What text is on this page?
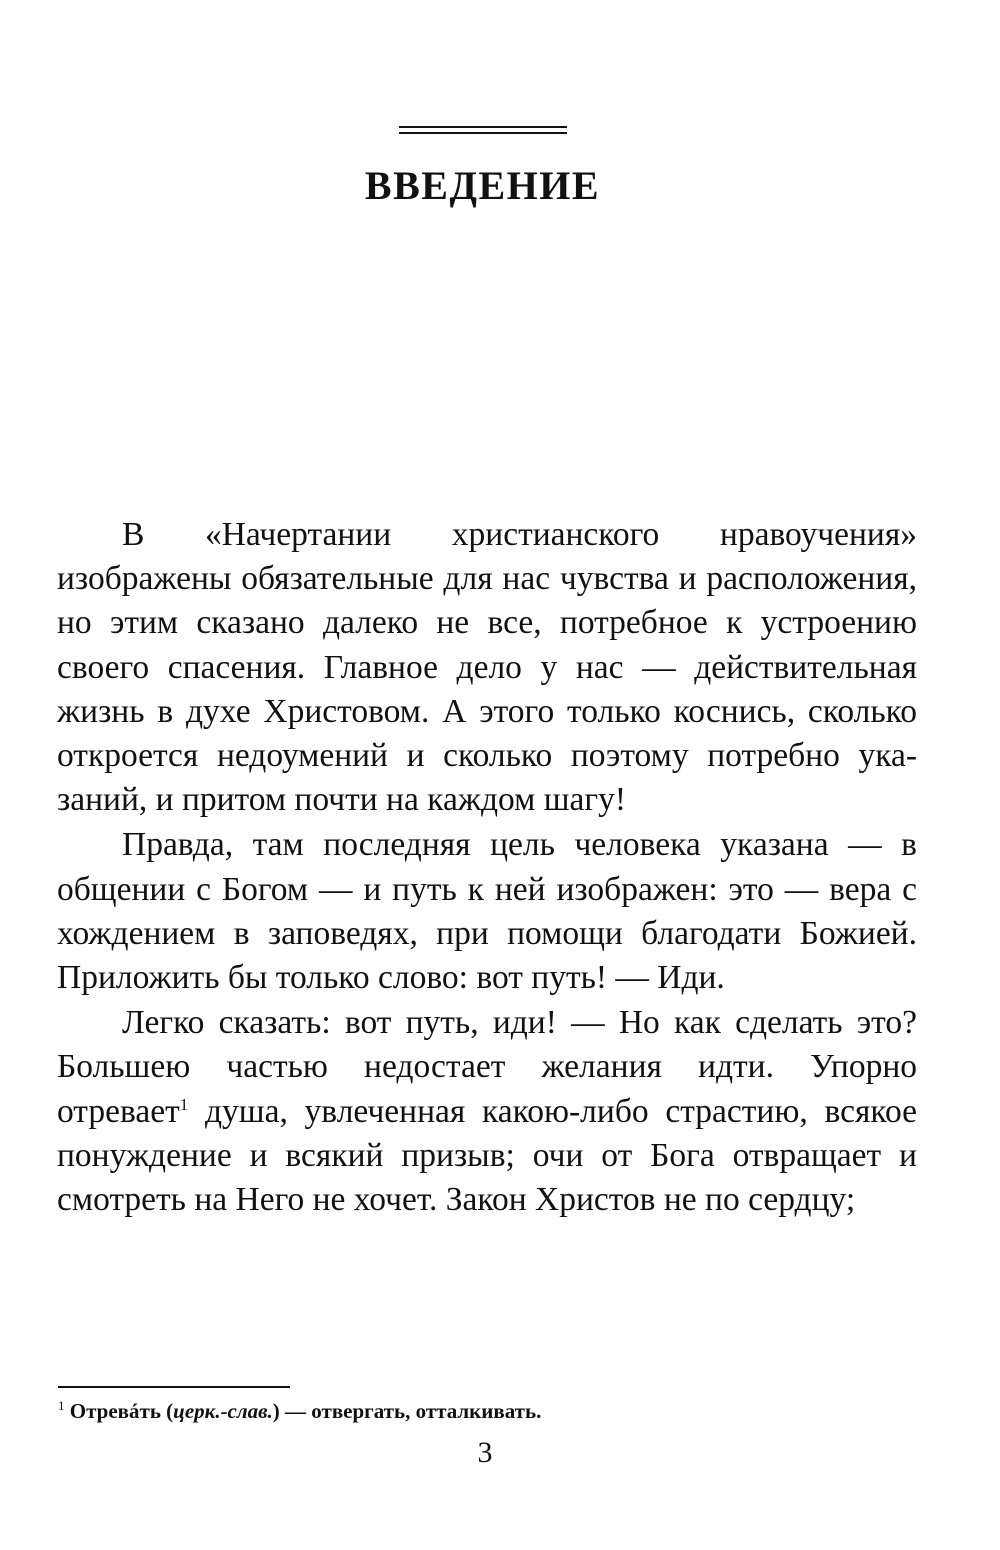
ВВЕДЕНИЕ

В «Начертании христианского нравоучения» изображены обязательные для нас чувства и расположения, но этим сказано далеко не все, потребное к устроению своего спасения. Главное дело у нас — действительная жизнь в духе Христовом. А этого только коснись, сколько откроется недоумений и сколько поэтому потребно указаний, и притом почти на каждом шагу!

Правда, там последняя цель человека указана — в общении с Богом — и путь к ней изображен: это — вера с хождением в заповедях, при помощи благодати Божией. Приложить бы только слово: вот путь! — Иди.

Легко сказать: вот путь, иди! — Но как сделать это? Большею частью недостает желания идти. Упорно отревает$^1$ душа, увлеченная какою-либо страстию, всякое понуждение и всякий призыв; очи от Бога отвращает и смотреть на Него не хочет. Закон Христов не по сердцу;

$^1$ Отревáть (церк.-слав.) — отвергать, отталкивать.

3
